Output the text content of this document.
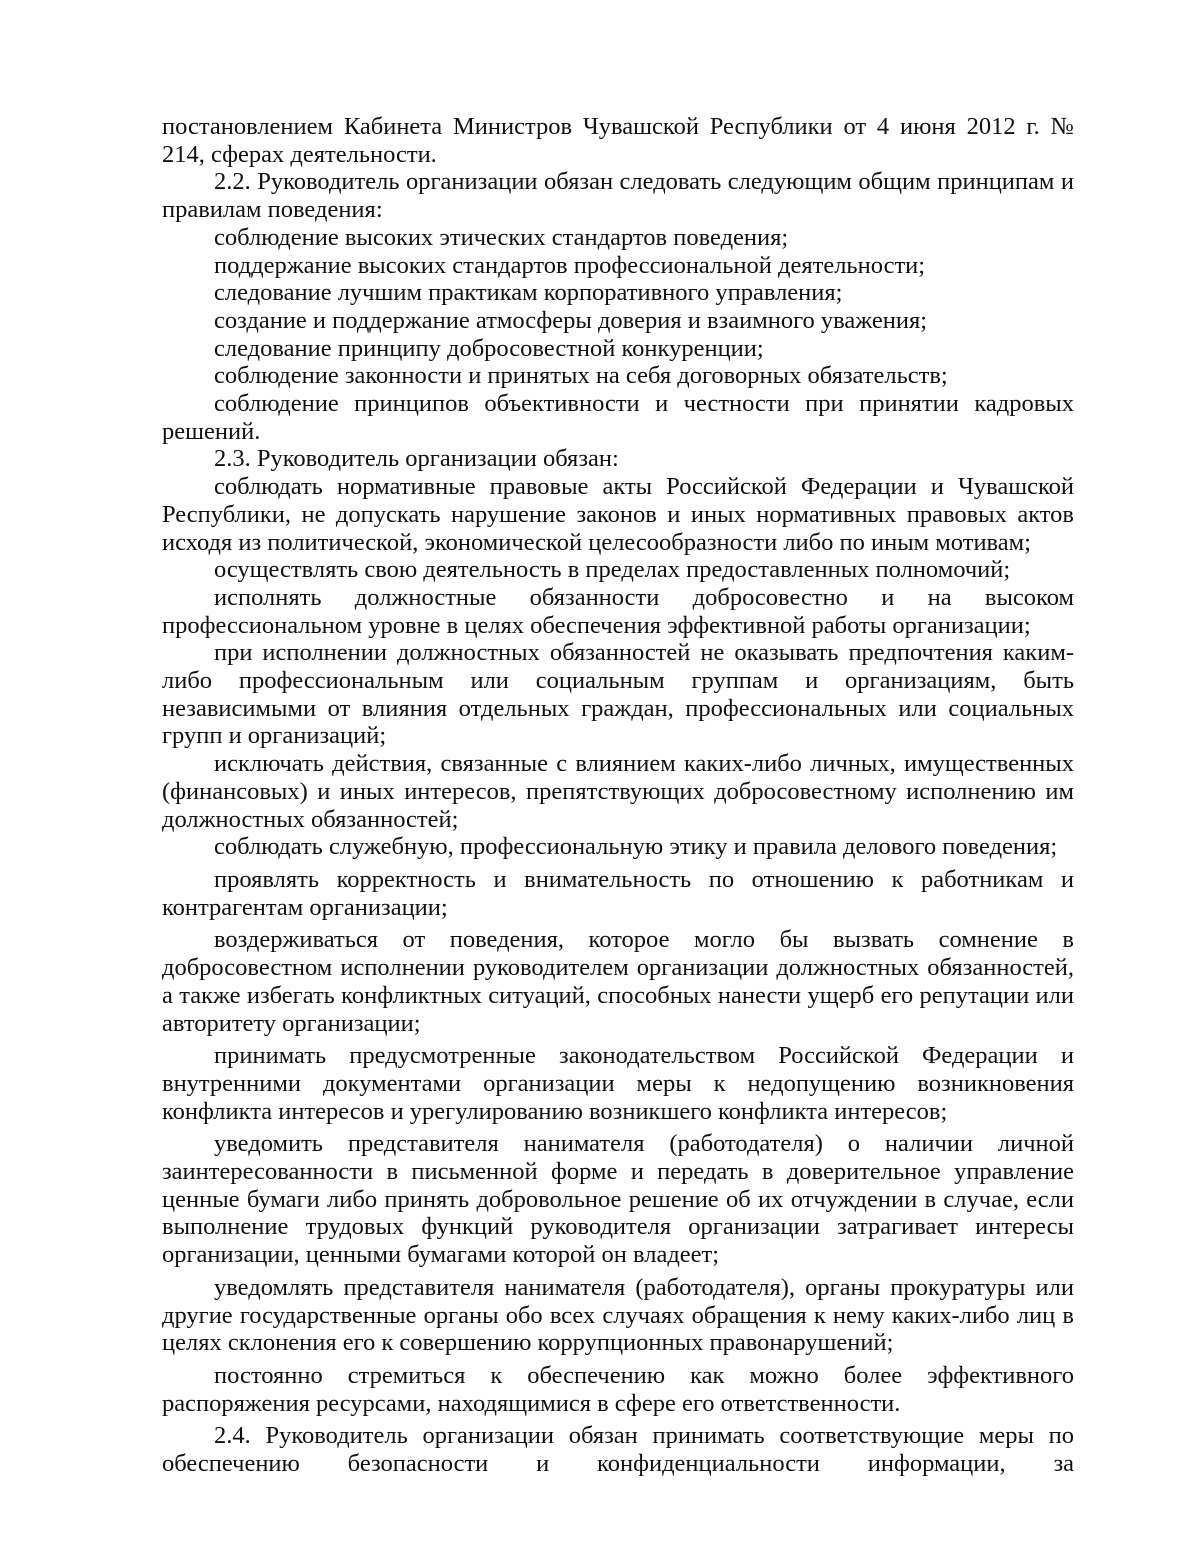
постановлением Кабинета Министров Чувашской Республики от 4 июня 2012 г. № 214, сферах деятельности.

2.2. Руководитель организации обязан следовать следующим общим принципам и правилам поведения:

соблюдение высоких этических стандартов поведения;

поддержание высоких стандартов профессиональной деятельности;

следование лучшим практикам корпоративного управления;

создание и поддержание атмосферы доверия и взаимного уважения;

следование принципу добросовестной конкуренции;

соблюдение законности и принятых на себя договорных обязательств;

соблюдение принципов объективности и честности при принятии кадровых решений.

2.3. Руководитель организации обязан:

соблюдать нормативные правовые акты Российской Федерации и Чувашской Республики, не допускать нарушение законов и иных нормативных правовых актов исходя из политической, экономической целесообразности либо по иным мотивам;

осуществлять свою деятельность в пределах предоставленных полномочий;

исполнять должностные обязанности добросовестно и на высоком профессиональном уровне в целях обеспечения эффективной работы организации;

при исполнении должностных обязанностей не оказывать предпочтения каким-либо профессиональным или социальным группам и организациям, быть независимыми от влияния отдельных граждан, профессиональных или социальных групп и организаций;

исключать действия, связанные с влиянием каких-либо личных, имущественных (финансовых) и иных интересов, препятствующих добросовестному исполнению им должностных обязанностей;

соблюдать служебную, профессиональную этику и правила делового поведения;

проявлять корректность и внимательность по отношению к работникам и контрагентам организации;

воздерживаться от поведения, которое могло бы вызвать сомнение в добросовестном исполнении руководителем организации должностных обязанностей, а также избегать конфликтных ситуаций, способных нанести ущерб его репутации или авторитету организации;

принимать предусмотренные законодательством Российской Федерации и внутренними документами организации меры к недопущению возникновения конфликта интересов и урегулированию возникшего конфликта интересов;

уведомить представителя нанимателя (работодателя) о наличии личной заинтересованности в письменной форме и передать в доверительное управление ценные бумаги либо принять добровольное решение об их отчуждении в случае, если выполнение трудовых функций руководителя организации затрагивает интересы организации, ценными бумагами которой он владеет;

уведомлять представителя нанимателя (работодателя), органы прокуратуры или другие государственные органы обо всех случаях обращения к нему каких-либо лиц в целях склонения его к совершению коррупционных правонарушений;

постоянно стремиться к обеспечению как можно более эффективного распоряжения ресурсами, находящимися в сфере его ответственности.

2.4. Руководитель организации обязан принимать соответствующие меры по обеспечению безопасности и конфиденциальности информации, за
